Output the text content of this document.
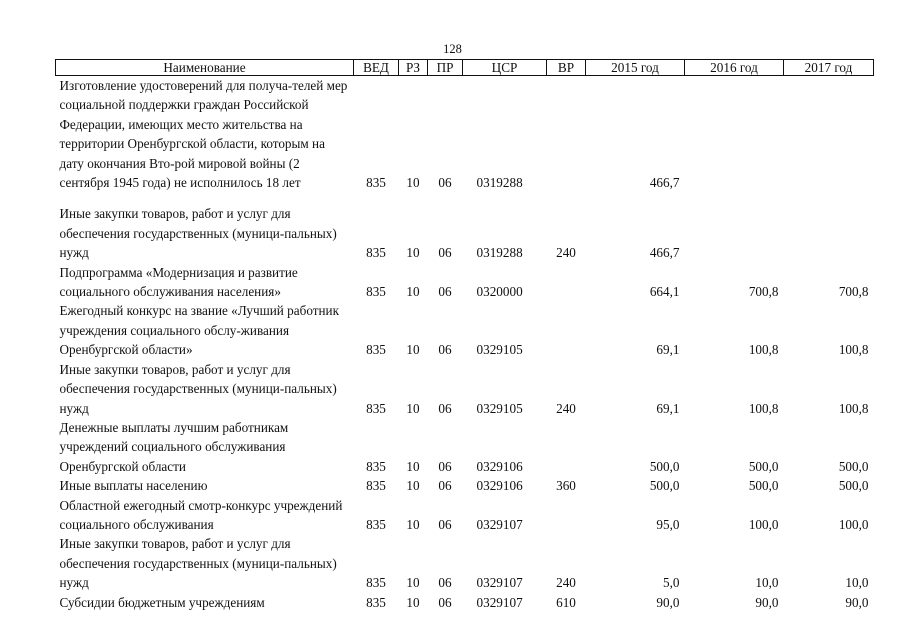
128
Наименование	ВЕД	РЗ	ПР	ЦСР	ВР	2015 год	2016 год	2017 год
Изготовление удостоверений для получа-телей мер социальной поддержки граждан Российской Федерации, имеющих место жительства на территории Оренбургской области, которым на дату окончания Вто-рой мировой войны (2 сентября 1945 года) не исполнилось 18 лет	835	10	06	0319288		466,7		
Иные закупки товаров, работ и услуг для обеспечения государственных (муници-пальных) нужд	835	10	06	0319288	240	466,7		
Подпрограмма «Модернизация и развитие социального обслуживания населения»	835	10	06	0320000		664,1	700,8	700,8
Ежегодный конкурс на звание «Лучший работник учреждения социального обслу-живания Оренбургской области»	835	10	06	0329105		69,1	100,8	100,8
Иные закупки товаров, работ и услуг для обеспечения государственных (муници-пальных) нужд	835	10	06	0329105	240	69,1	100,8	100,8
Денежные выплаты лучшим работникам учреждений социального обслуживания Оренбургской области	835	10	06	0329106		500,0	500,0	500,0
Иные выплаты населению	835	10	06	0329106	360	500,0	500,0	500,0
Областной ежегодный смотр-конкурс учреждений социального обслуживания	835	10	06	0329107		95,0	100,0	100,0
Иные закупки товаров, работ и услуг для обеспечения государственных (муници-пальных) нужд	835	10	06	0329107	240	5,0	10,0	10,0
Субсидии бюджетным учреждениям	835	10	06	0329107	610	90,0	90,0	90,0
